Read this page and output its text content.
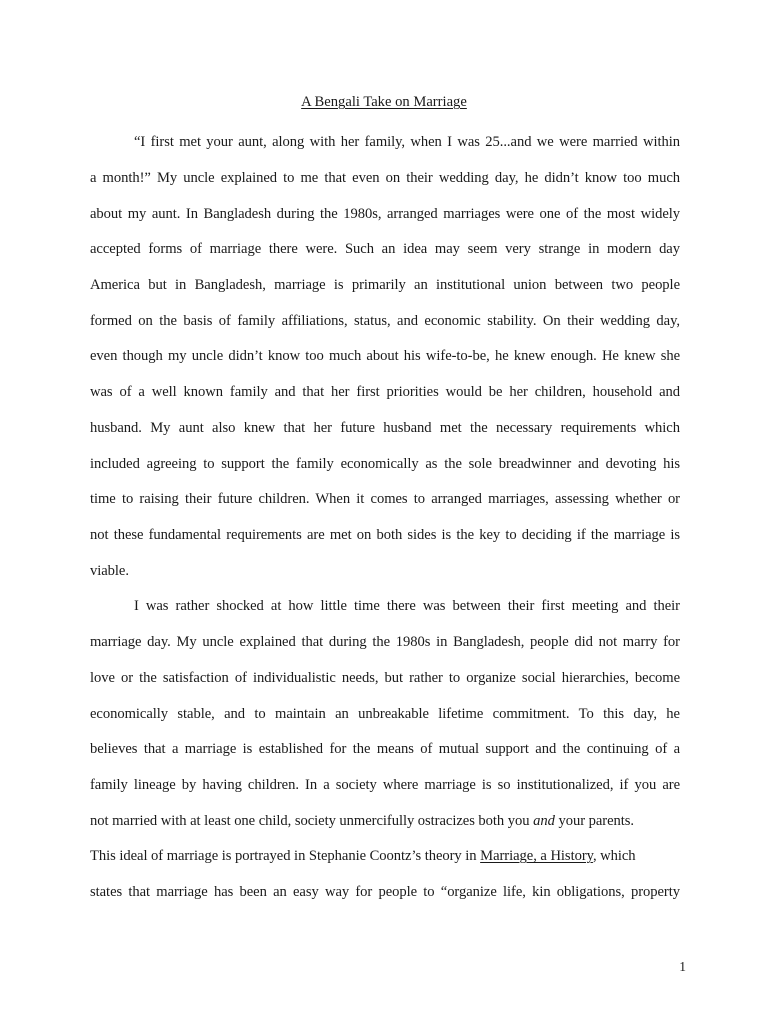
A Bengali Take on Marriage
“I first met your aunt, along with her family, when I was 25...and we were married within
a month!” My uncle explained to me that even on their wedding day, he didn’t know too much
about my aunt. In Bangladesh during the 1980s, arranged marriages were one of the most widely
accepted forms of marriage there were. Such an idea may seem very strange in modern day
America but in Bangladesh, marriage is primarily an institutional union between two people
formed on the basis of family affiliations, status, and economic stability. On their wedding day,
even though my uncle didn’t know too much about his wife-to-be, he knew enough. He knew she
was of a well known family and that her first priorities would be her children, household and
husband. My aunt also knew that her future husband met the necessary requirements which
included agreeing to support the family economically as the sole breadwinner and devoting his
time to raising their future children. When it comes to arranged marriages, assessing whether or
not these fundamental requirements are met on both sides is the key to deciding if the marriage is
viable.
I was rather shocked at how little time there was between their first meeting and their
marriage day. My uncle explained that during the 1980s in Bangladesh, people did not marry for
love or the satisfaction of individualistic needs, but rather to organize social hierarchies, become
economically stable, and to maintain an unbreakable lifetime commitment. To this day, he
believes that a marriage is established for the means of mutual support and the continuing of a
family lineage by having children. In a society where marriage is so institutionalized, if you are
not married with at least one child, society unmercifully ostracizes both you and your parents.
This ideal of marriage is portrayed in Stephanie Coontz’s theory in Marriage, a History, which
states that marriage has been an easy way for people to “organize life, kin obligations, property
1
